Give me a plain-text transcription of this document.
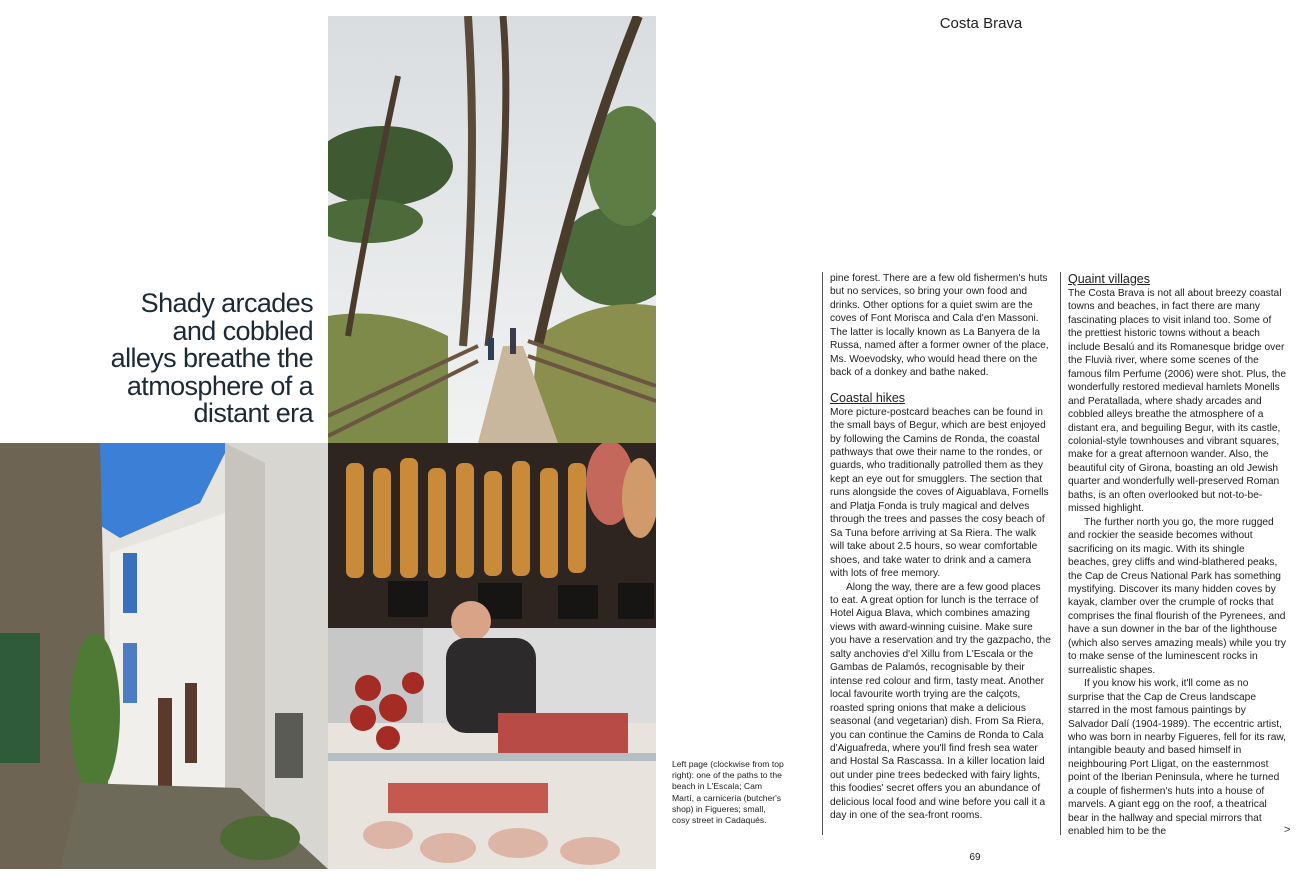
Shady arcades and cobbled alleys breathe the atmosphere of a distant era
Costa Brava
Left page (clockwise from top right): one of the paths to the beach in L'Escala; Cam Martí, a carnicería (butcher's shop) in Figueres; small, cosy street in Cadaqués.

pine forest. There are a few old fishermen's huts but no services, so bring your own food and drinks. Other options for a quiet swim are the coves of Font Morisca and Cala d'en Massoni. The latter is locally known as La Banyera de la Russa, named after a former owner of the place, Ms. Woevodsky, who would head there on the back of a donkey and bathe naked.

Coastal hikes

More picture-postcard beaches can be found in the small bays of Begur, which are best enjoyed by following the Camins de Ronda, the coastal pathways that owe their name to the rondes, or guards, who traditionally patrolled them as they kept an eye out for smugglers. The section that runs alongside the coves of Aiguablava, Fornells and Platja Fonda is truly magical and delves through the trees and passes the cosy beach of Sa Tuna before arriving at Sa Riera. The walk will take about 2.5 hours, so wear comfortable shoes, and take water to drink and a camera with lots of free memory.

Along the way, there are a few good places to eat. A great option for lunch is the terrace of Hotel Aigua Blava, which combines amazing views with award-winning cuisine. Make sure you have a reservation and try the gazpacho, the salty anchovies d'el Xillu from L'Escala or the Gambas de Palamós, recognisable by their intense red colour and firm, tasty meat. Another local favourite worth trying are the calçots, roasted spring onions that make a delicious seasonal (and vegetarian) dish. From Sa Riera, you can continue the Camins de Ronda to Cala d'Aiguafreda, where you'll find fresh sea water and Hostal Sa Rascassa. In a killer location laid out under pine trees bedecked with fairy lights, this foodies' secret offers you an abundance of delicious local food and wine before you call it a day in one of the sea-front rooms.

Quaint villages

The Costa Brava is not all about breezy coastal towns and beaches, in fact there are many fascinating places to visit inland too. Some of the prettiest historic towns without a beach include Besalú and its Romanesque bridge over the Fluvià river, where some scenes of the famous film Perfume (2006) were shot. Plus, the wonderfully restored medieval hamlets Monells and Peratallada, where shady arcades and cobbled alleys breathe the atmosphere of a distant era, and beguiling Begur, with its castle, colonial-style townhouses and vibrant squares, make for a great afternoon wander. Also, the beautiful city of Girona, boasting an old Jewish quarter and wonderfully well-preserved Roman baths, is an often overlooked but not-to-be-missed highlight.

The further north you go, the more rugged and rockier the seaside becomes without sacrificing on its magic. With its shingle beaches, grey cliffs and wind-blathered peaks, the Cap de Creus National Park has something mystifying. Discover its many hidden coves by kayak, clamber over the crumple of rocks that comprises the final flourish of the Pyrenees, and have a sun downer in the bar of the lighthouse (which also serves amazing meals) while you try to make sense of the luminescent rocks in surrealistic shapes.

If you know his work, it'll come as no surprise that the Cap de Creus landscape starred in the most famous paintings by Salvador Dalí (1904-1989). The eccentric artist, who was born in nearby Figueres, fell for its raw, intangible beauty and based himself in neighbouring Port Lligat, on the easternmost point of the Iberian Peninsula, where he turned a couple of fishermen's huts into a house of marvels. A giant egg on the roof, a theatrical bear in the hallway and special mirrors that enabled him to be the

69
>
